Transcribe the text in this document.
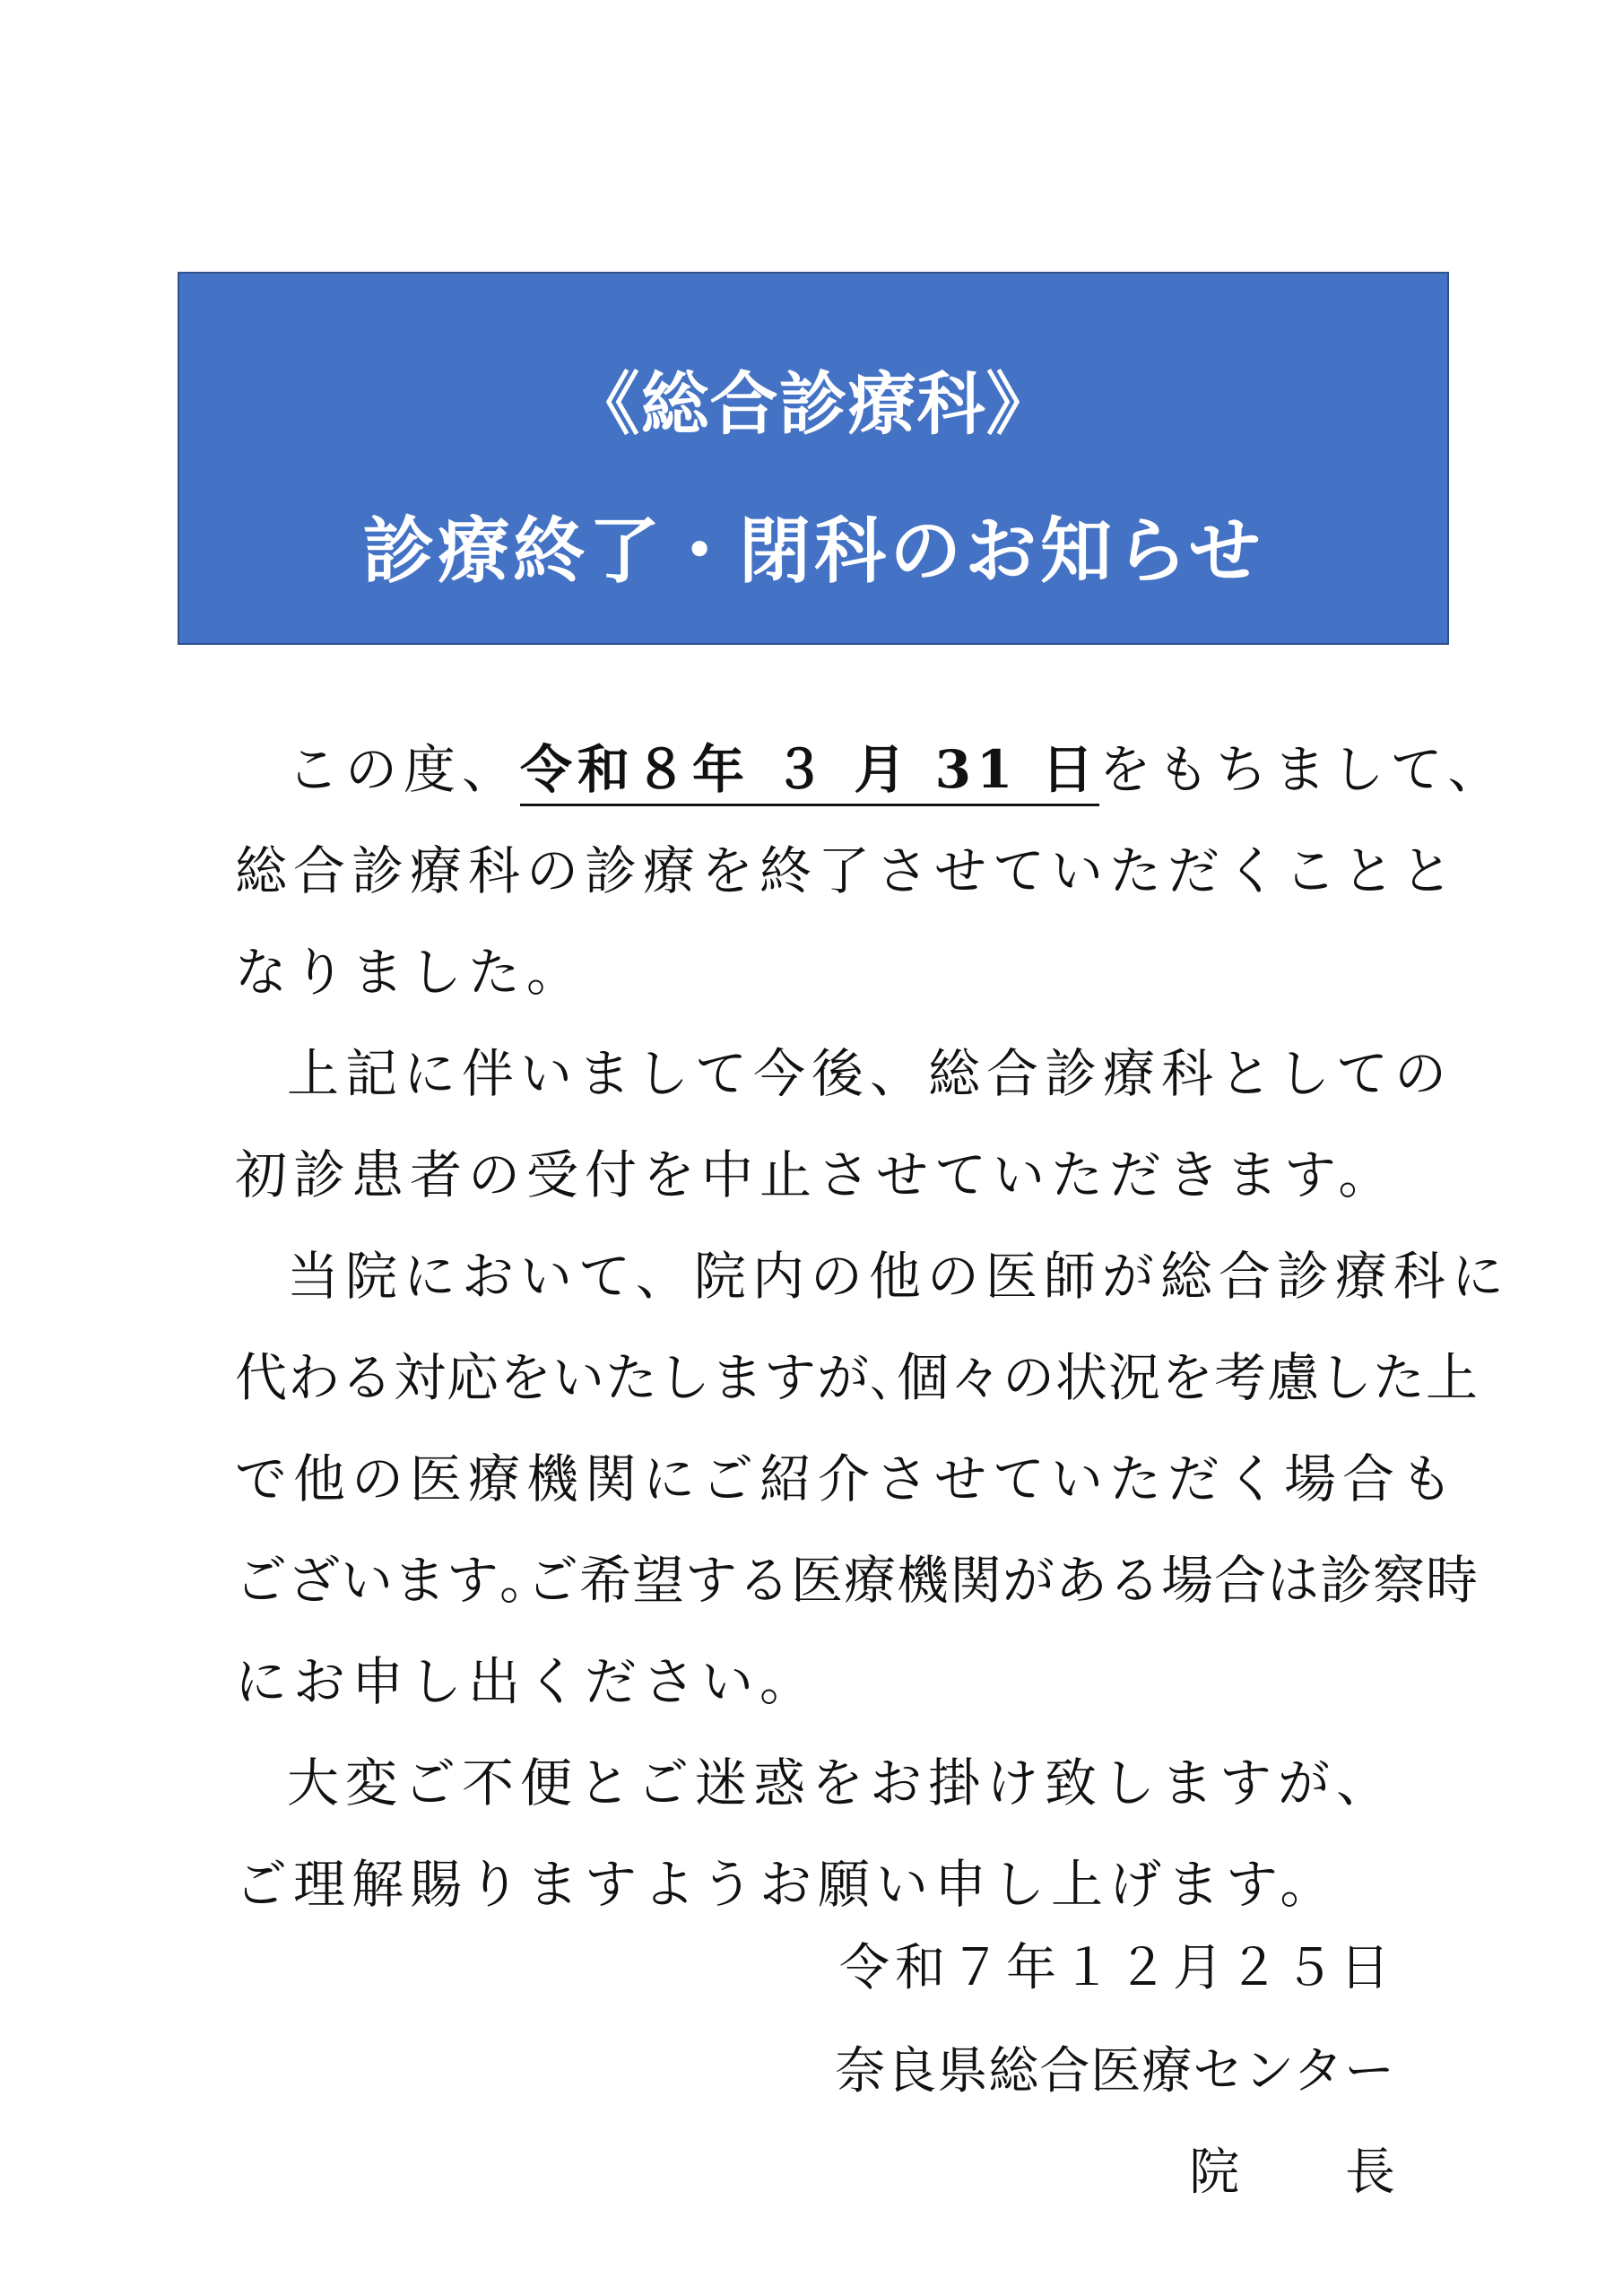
《総合診療科》
診療終了・閉科のお知らせ
この度、令和８年 ３ 月 31 日をもちまして、
総合診療科の診療を終了させていただくことと
なりました。
上記に伴いまして今後、総合診療科としての
初診患者の受付を中止させていただきます。
当院において、院内の他の医師が総合診療科に
代わる対応をいたしますが､個々の状況を考慮した上
で他の医療機関にご紹介させていただく場合も
ございます｡ご希望する医療機関がある場合は診察時
にお申し出ください。
大変ご不便とご迷惑をお掛け致しますが、
ご理解賜りますようお願い申し上げます。
令和７年１２月２５日
奈良県総合医療センター
院 長
